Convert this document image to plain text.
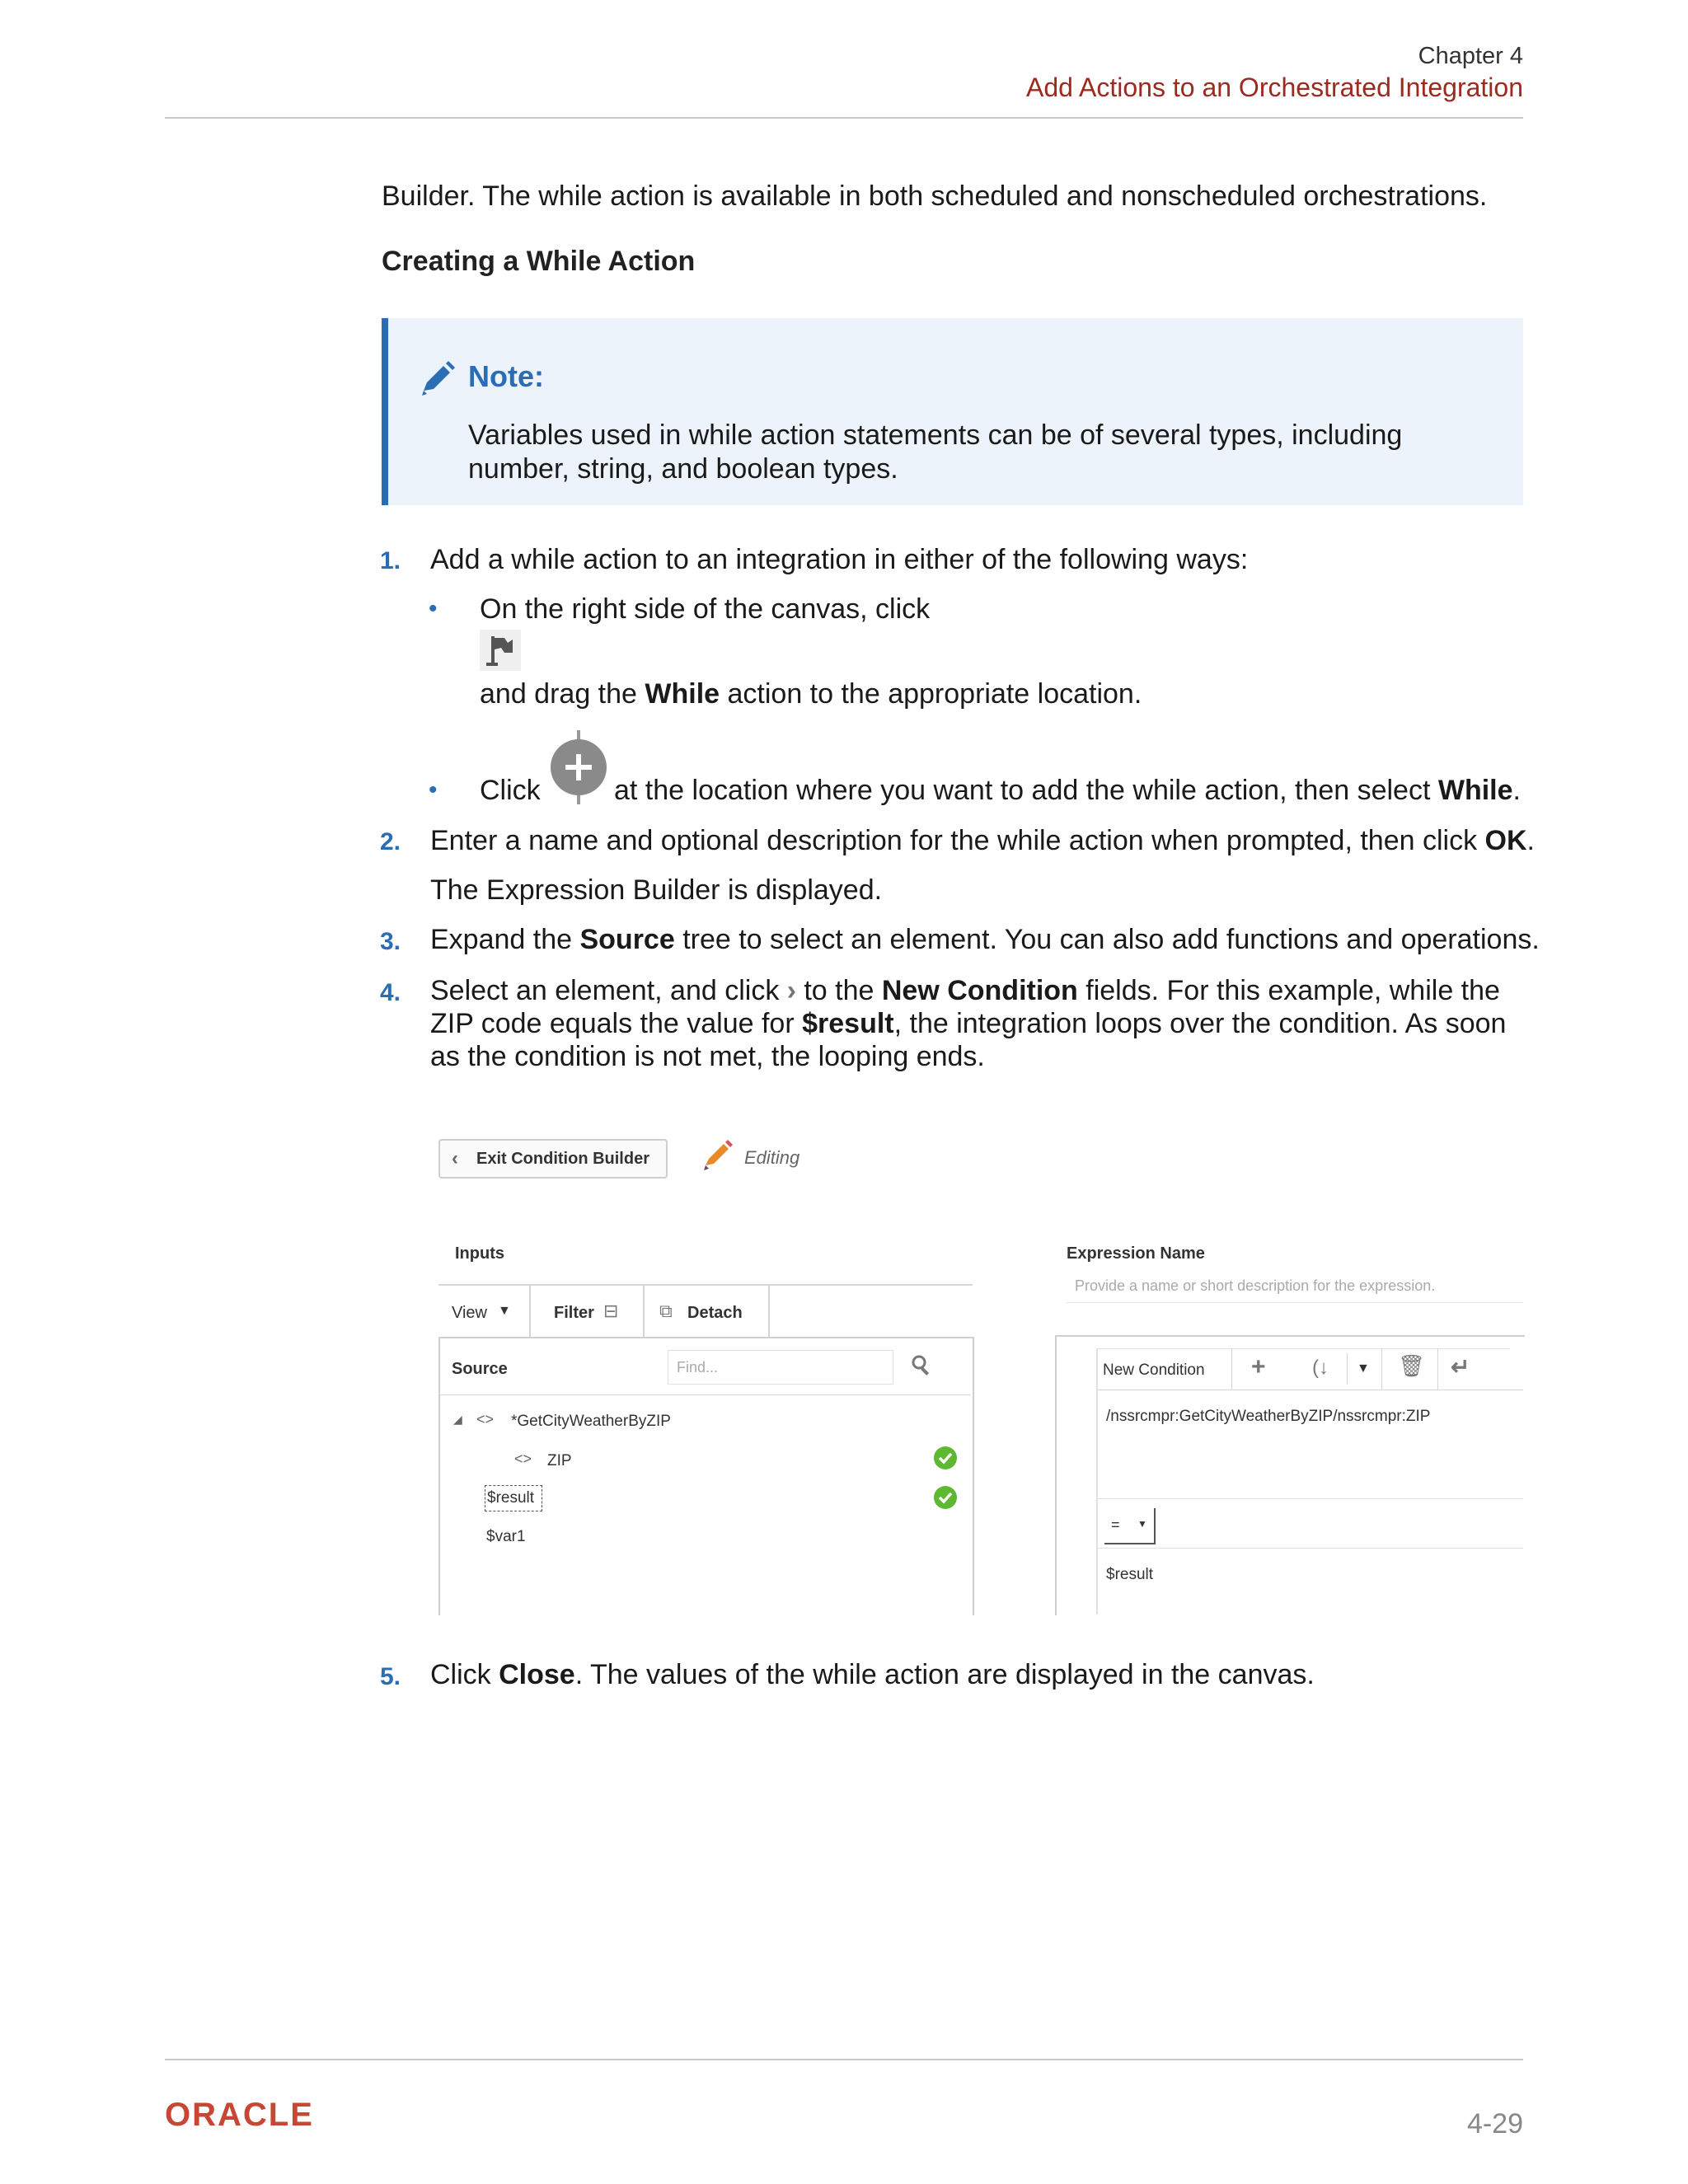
Chapter 4
Add Actions to an Orchestrated Integration
Builder. The while action is available in both scheduled and nonscheduled orchestrations.
Creating a While Action
Note:
Variables used in while action statements can be of several types, including
number, string, and boolean types.
1. Add a while action to an integration in either of the following ways:
• On the right side of the canvas, click
and drag the While action to the appropriate location.
• Click	at the location where you want to add the while action, then select While.
2. Enter a name and optional description for the while action when prompted, then click OK.
The Expression Builder is displayed.
3. Expand the Source tree to select an element. You can also add functions and operations.
4. Select an element, and click › to the New Condition fields. For this example, while the
ZIP code equals the value for $result, the integration loops over the condition. As soon
as the condition is not met, the looping ends.
‹ Exit Condition Builder	Editing
Inputs
View ▼	Filter ⊟ ⧉ Detach
Source	Find...
◢ <> *GetCityWeatherByZIP
<> ZIP
$result
$var1
Expression Name
Provide a name or short description for the expression.
New Condition + (↓ ▼ 🗑 ↵
/nssrcmpr:GetCityWeatherByZIP/nssrcmpr:ZIP
= ▼
$result
5. Click Close. The values of the while action are displayed in the canvas.
ORACLE	4-29
